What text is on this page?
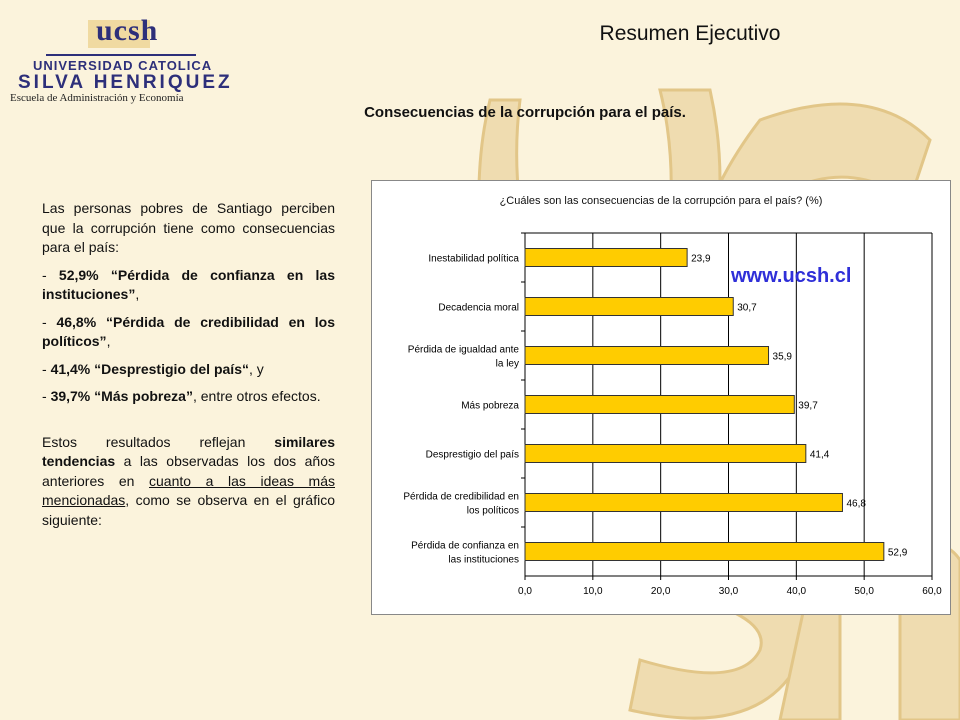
ucsh
UNIVERSIDAD CATOLICA
SILVA HENRIQUEZ
Escuela de Administración y Economía
Resumen Ejecutivo
Consecuencias de la corrupción para el país.

Las personas pobres de Santiago perciben que la corrupción tiene como consecuencias para el país:

- 52,9% “Pérdida de confianza en las instituciones”,

- 46,8% “Pérdida de credibilidad en los políticos”,

- 41,4% “Desprestigio del país“, y

- 39,7% “Más pobreza”, entre otros efectos.

Estos resultados reflejan similares tendencias a las observadas los dos años anteriores en cuanto a las ideas más mencionadas, como se observa en el gráfico siguiente:

¿Cuáles son las consecuencias de la corrupción para el país? (%)
0,0	10,0	20,0	30,0	40,0	50,0	60,0
23,9
Inestabilidad política
30,7
Decadencia moral
35,9
Pérdida de igualdad ante
la ley
39,7
Más pobreza
41,4
Desprestigio del país
46,8
Pérdida de credibilidad en
los políticos
52,9
Pérdida de confianza en
las instituciones
www.ucsh.cl
